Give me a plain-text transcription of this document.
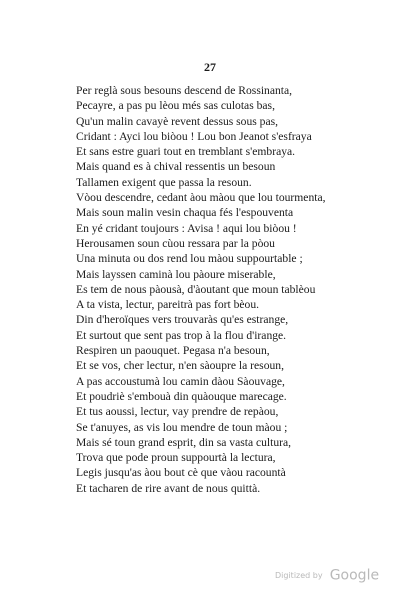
27
Per reglà sous besouns descend de Rossinanta,
Pecayre, a pas pu lèou més sas culotas bas,
Qu'un malin cavayè revent dessus sous pas,
Cridant : Ayci lou biòou ! Lou bon Jeanot s'esfraya
Et sans estre guari tout en tremblant s'embraya.
Mais quand es à chival ressentis un besoun
Tallamen exigent que passa la resoun.
Vòou descendre, cedant àou màou que lou tourmenta,
Mais soun malin vesin chaqua fés l'espouventa
En yé cridant toujours : Avisa ! aqui lou biòou !
Herousamen soun cùou ressara par la pòou
Una minuta ou dos rend lou màou suppourtable ;
Mais layssen caminà lou pàoure miserable,
Es tem de nous pàousà, d'àoutant que moun tablèou
A ta vista, lectur, pareitrà pas fort bèou.
Din d'heroïques vers trouvaràs qu'es estrange,
Et surtout que sent pas trop à la flou d'irange.
Respiren un paouquet. Pegasa n'a besoun,
Et se vos, cher lectur, n'en sàoupre la resoun,
A pas accoustumà lou camin dàou Sàouvage,
Et poudriè s'embouà din quàouque marecage.
Et tus aoussi, lectur, vay prendre de repàou,
Se t'anuyes, as vis lou mendre de toun màou ;
Mais sé toun grand esprit, din sa vasta cultura,
Trova que pode proun suppourtà la lectura,
Legis jusqu'as àou bout cè que vàou racountà
Et tacharen de rire avant de nous quittà.
Digitized by Google
